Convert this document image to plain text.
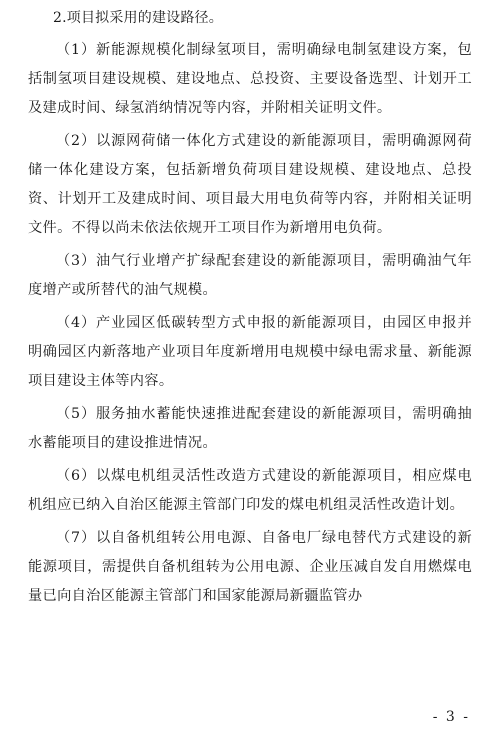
2.项目拟采用的建设路径。

（1）新能源规模化制绿氢项目，需明确绿电制氢建设方案，包括制氢项目建设规模、建设地点、总投资、主要设备选型、计划开工及建成时间、绿氢消纳情况等内容，并附相关证明文件。

（2）以源网荷储一体化方式建设的新能源项目，需明确源网荷储一体化建设方案，包括新增负荷项目建设规模、建设地点、总投资、计划开工及建成时间、项目最大用电负荷等内容，并附相关证明文件。不得以尚未依法依规开工项目作为新增用电负荷。

（3）油气行业增产扩绿配套建设的新能源项目，需明确油气年度增产或所替代的油气规模。

（4）产业园区低碳转型方式申报的新能源项目，由园区申报并明确园区内新落地产业项目年度新增用电规模中绿电需求量、新能源项目建设主体等内容。

（5）服务抽水蓄能快速推进配套建设的新能源项目，需明确抽水蓄能项目的建设推进情况。

（6）以煤电机组灵活性改造方式建设的新能源项目，相应煤电机组应已纳入自治区能源主管部门印发的煤电机组灵活性改造计划。

（7）以自备机组转公用电源、自备电厂绿电替代方式建设的新能源项目，需提供自备机组转为公用电源、企业压减自发自用燃煤电量已向自治区能源主管部门和国家能源局新疆监管办

- 3 -
